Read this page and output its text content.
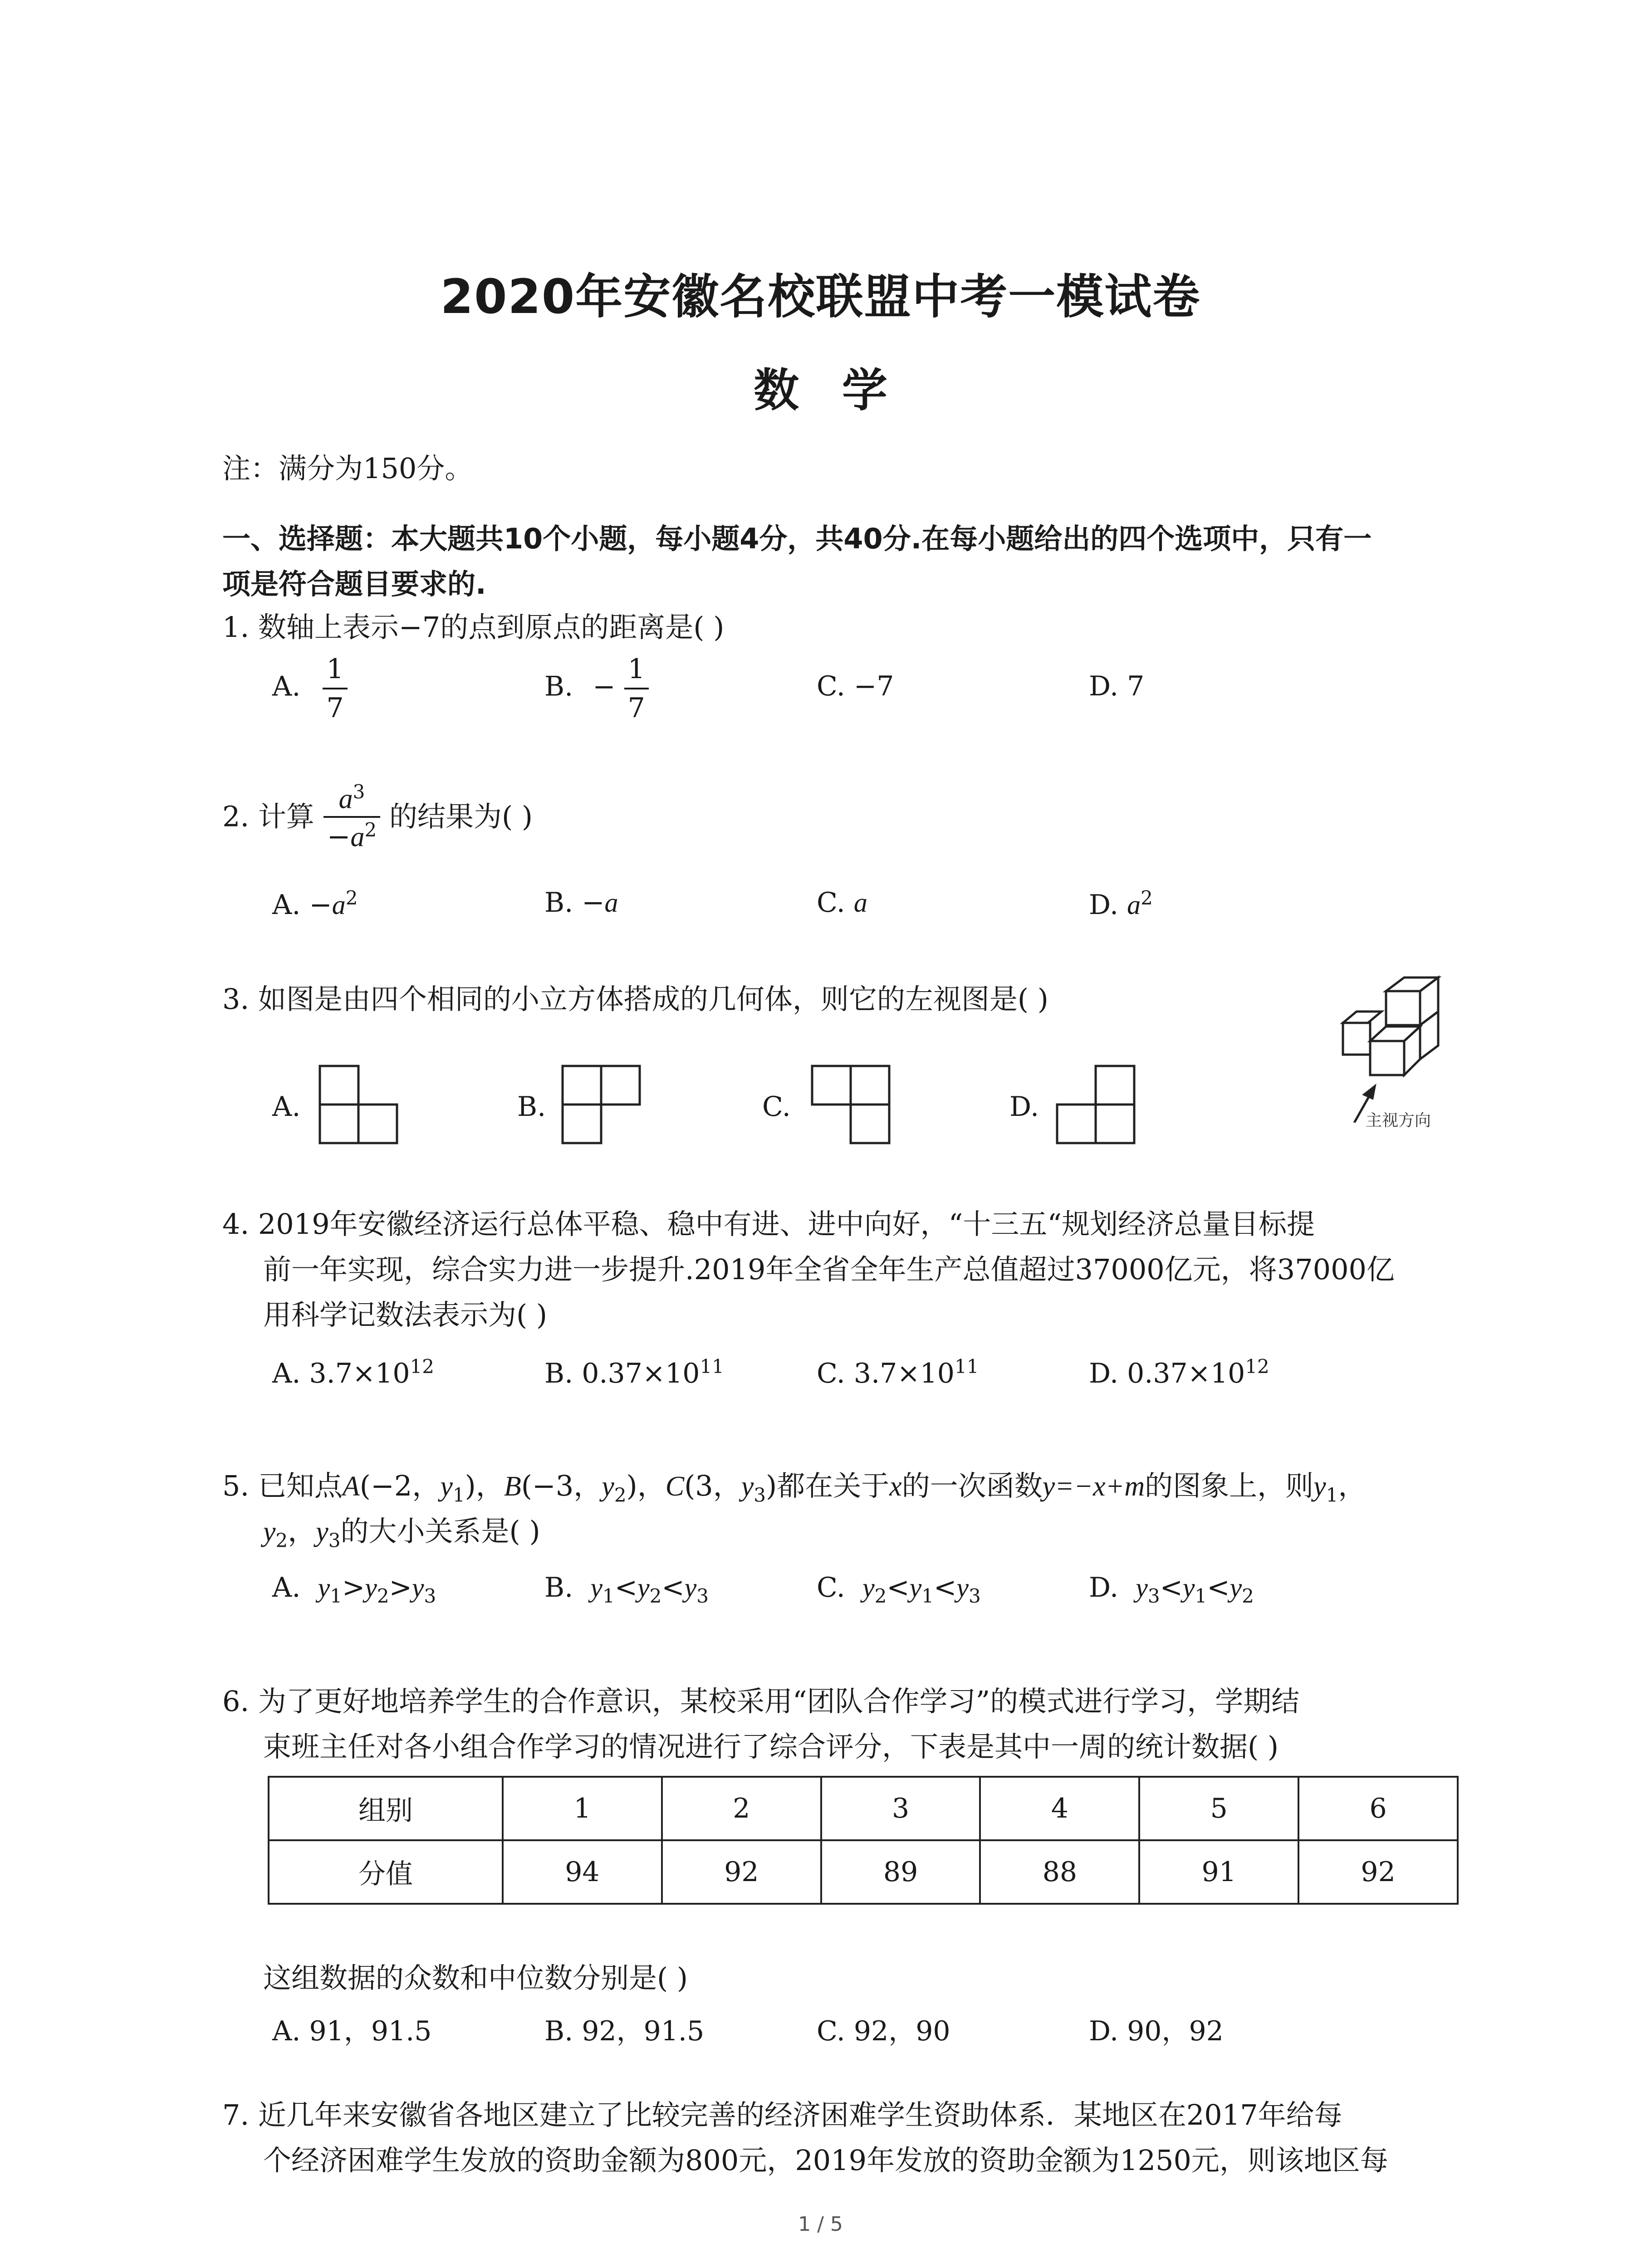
2020年安徽名校联盟中考一模试卷
数 学
注：满分为150分。
一、选择题：本大题共10个小题，每小题4分，共40分.在每小题给出的四个选项中，只有一
项是符合题目要求的.
1. 数轴上表示−7的点到原点的距离是( )
A. $\frac{1}{7}$	B. − $\frac{1}{7}$	C. −7	D. 7
2. 计算 $\frac{a^3}{-a^2}$ 的结果为( )
A. $-a^2$	B. −a	C. a	D. $a^2$
3. 如图是由四个相同的小立方体搭成的几何体，则它的左视图是( )
A.	B.	C.	D.	主视方向
4. 2019年安徽经济运行总体平稳、稳中有进、进中向好，“十三五“规划经济总量目标提
前一年实现，综合实力进一步提升.2019年全省全年生产总值超过37000亿元，将37000亿
用科学记数法表示为( )
A. $3.7\times 10^{12}$	B. $0.37\times 10^{11}$	C. $3.7\times 10^{11}$	D. $0.37\times 10^{12}$
5. 已知点A(−2，$y_1$)，B(−3，$y_2$)，C(3，$y_3$)都在关于x的一次函数y=−x+m的图象上，则$y_1$，
$y_2$，$y_3$的大小关系是( )
A. $y_1>y_2>y_3$	B. $y_1<y_2<y_3$	C. $y_2<y_1<y_3$	D. $y_3<y_1<y_2$
6. 为了更好地培养学生的合作意识，某校采用“团队合作学习”的模式进行学习，学期结
束班主任对各小组合作学习的情况进行了综合评分，下表是其中一周的统计数据( )
组别	1	2	3	4	5	6
分值	94	92	89	88	91	92
这组数据的众数和中位数分别是( )
A. 91，91.5	B. 92，91.5	C. 92，90	D. 90，92
7. 近几年来安徽省各地区建立了比较完善的经济困难学生资助体系．某地区在2017年给每
个经济困难学生发放的资助金额为800元，2019年发放的资助金额为1250元，则该地区每
1 / 5
